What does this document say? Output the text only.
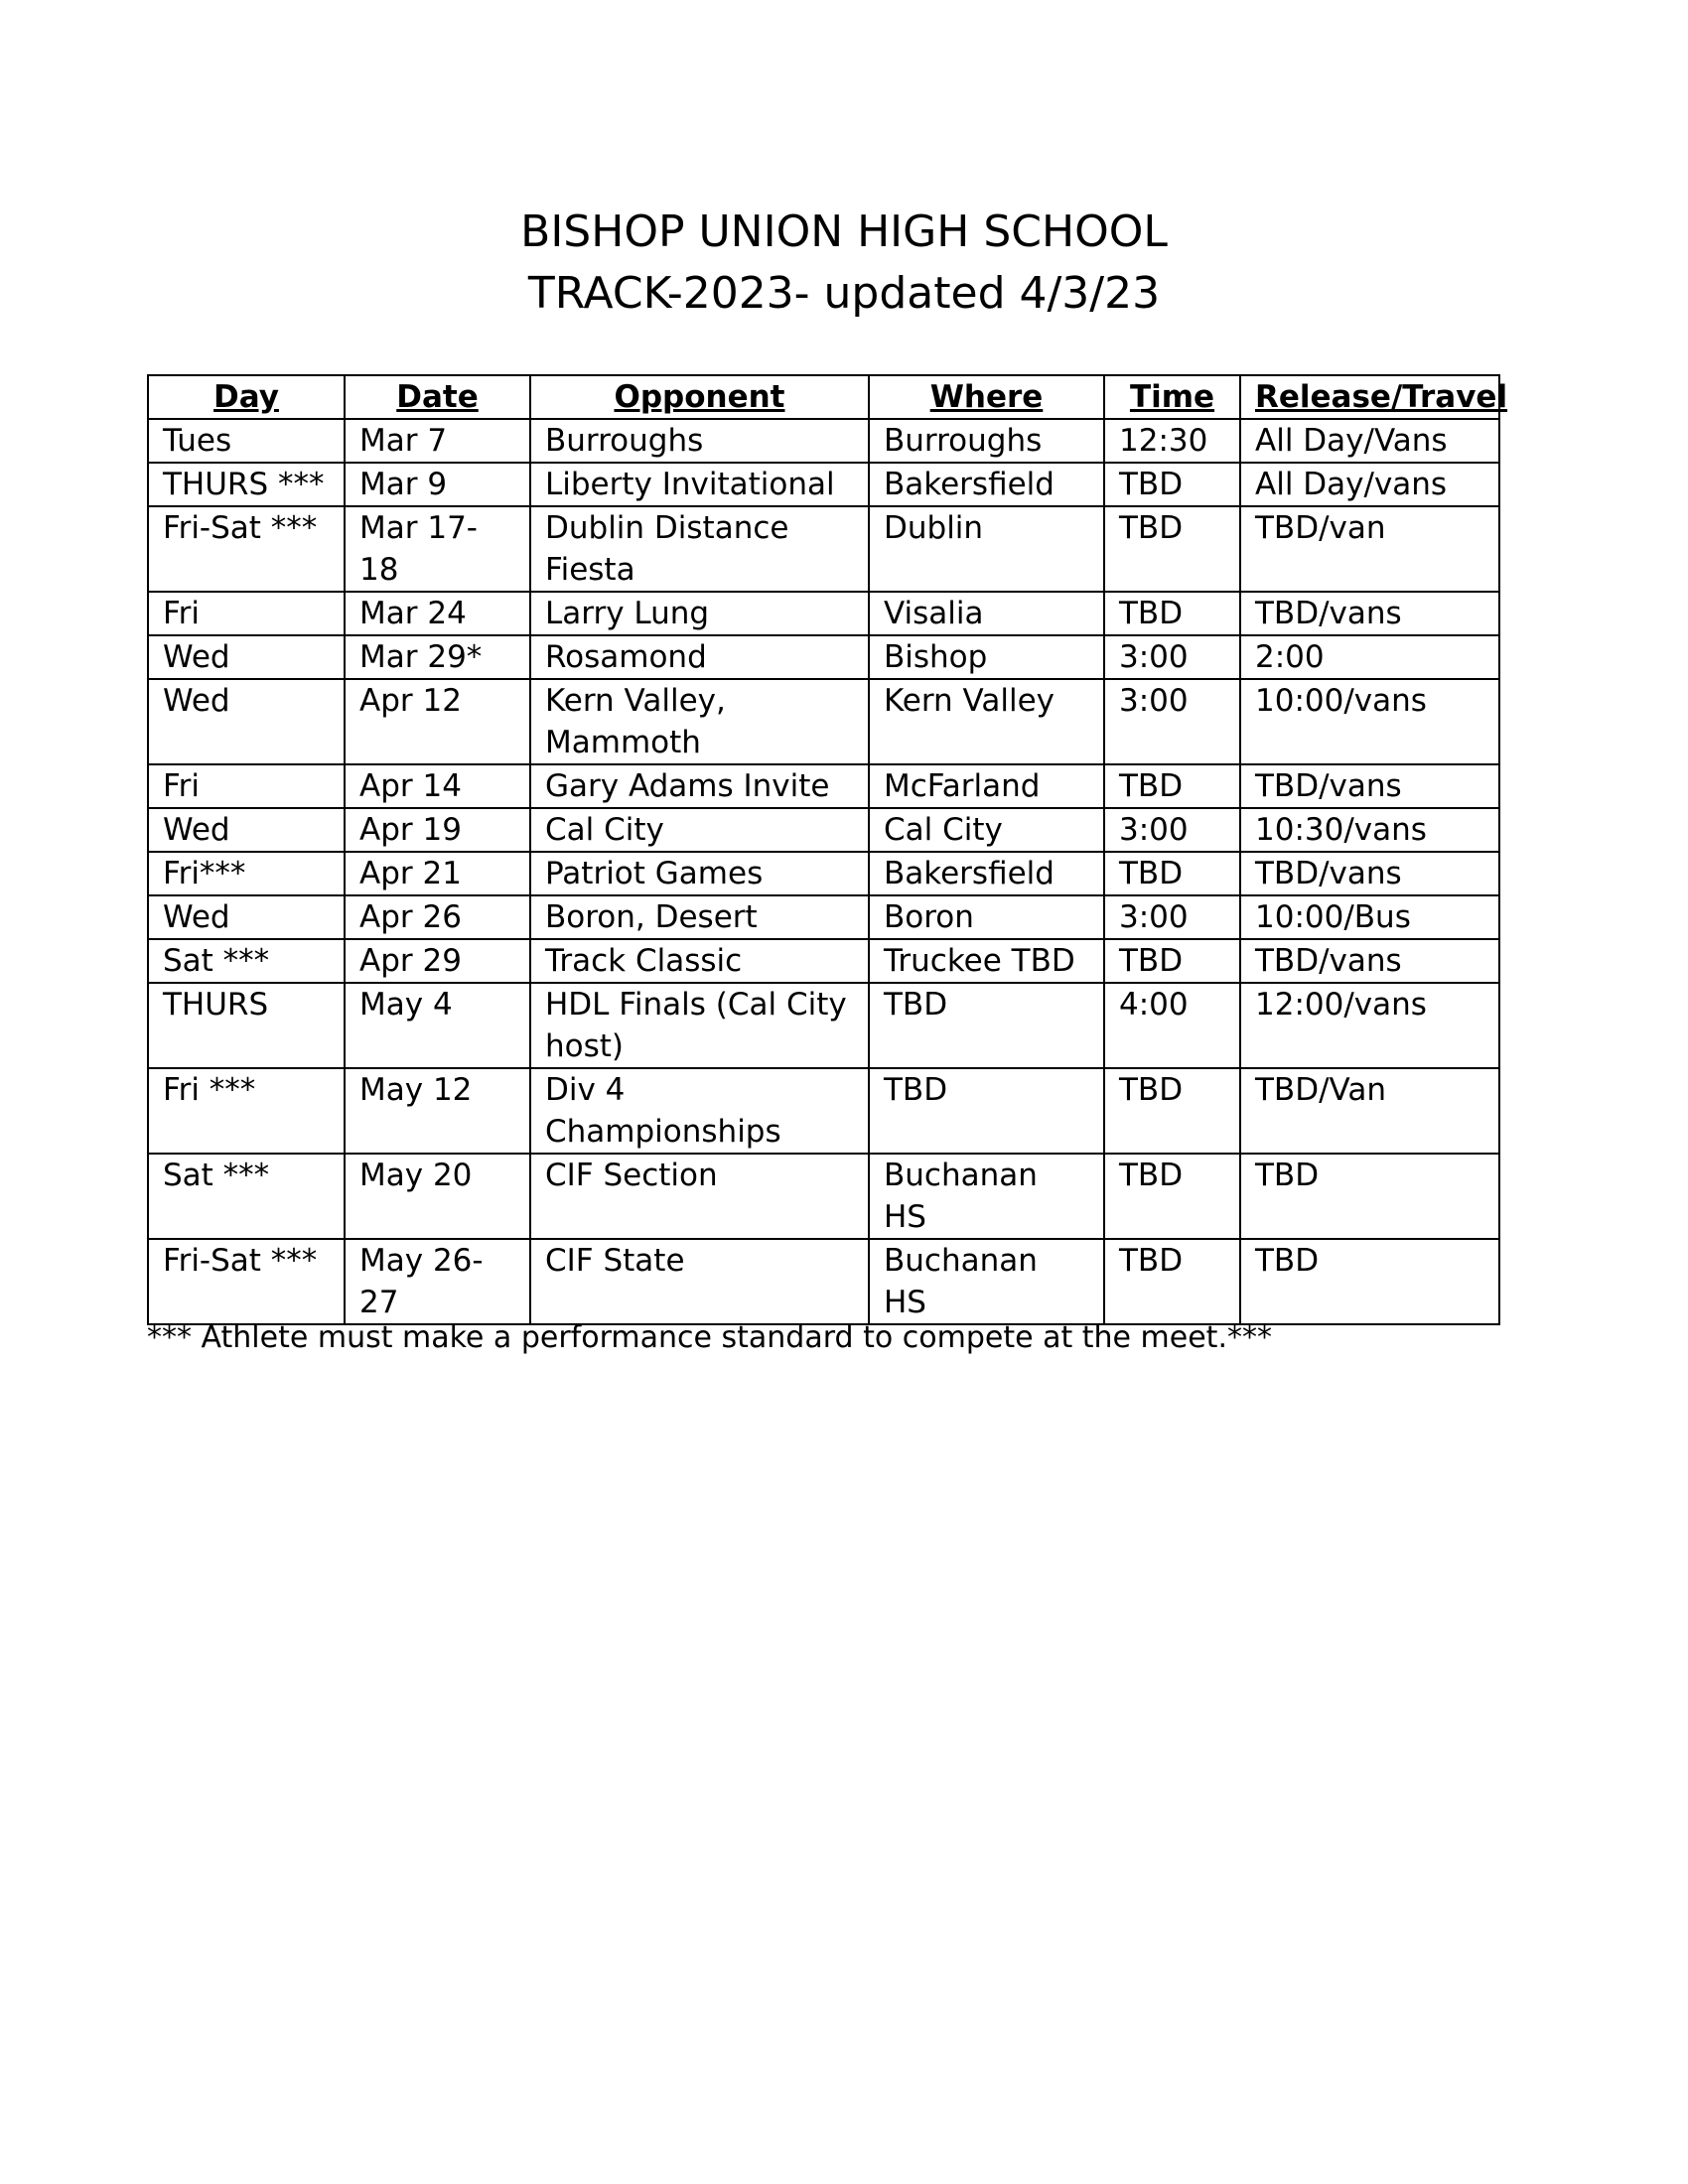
BISHOP UNION HIGH SCHOOL
TRACK-2023- updated 4/3/23
Day	Date	Opponent	Where	Time	Release/Travel
Tues	Mar 7	Burroughs	Burroughs	12:30	All Day/Vans
THURS ***	Mar 9	Liberty Invitational	Bakersfield	TBD	All Day/vans
Fri-Sat ***	Mar 17-18	Dublin Distance Fiesta	Dublin	TBD	TBD/van
Fri	Mar 24	Larry Lung	Visalia	TBD	TBD/vans
Wed	Mar 29*	Rosamond	Bishop	3:00	2:00
Wed	Apr 12	Kern Valley, Mammoth	Kern Valley	3:00	10:00/vans
Fri	Apr 14	Gary Adams Invite	McFarland	TBD	TBD/vans
Wed	Apr 19	Cal City	Cal City	3:00	10:30/vans
Fri***	Apr 21	Patriot Games	Bakersfield	TBD	TBD/vans
Wed	Apr 26	Boron, Desert	Boron	3:00	10:00/Bus
Sat ***	Apr 29	Track Classic	Truckee TBD	TBD	TBD/vans
THURS	May 4	HDL Finals (Cal City host)	TBD	4:00	12:00/vans
Fri ***	May 12	Div 4 Championships	TBD	TBD	TBD/Van
Sat ***	May 20	CIF Section	Buchanan HS	TBD	TBD
Fri-Sat ***	May 26-27	CIF State	Buchanan HS	TBD	TBD
*** Athlete must make a performance standard to compete at the meet.***
